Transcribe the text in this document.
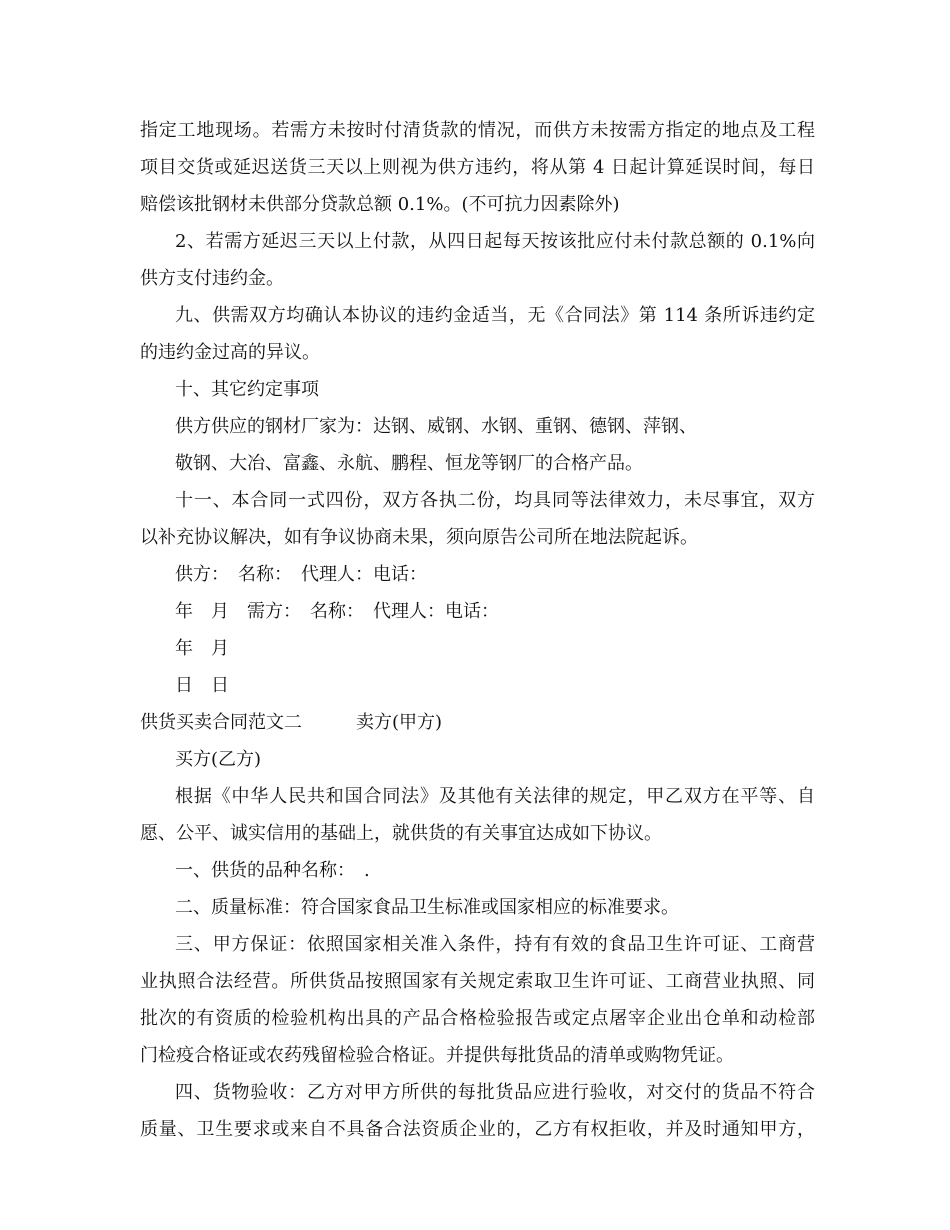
指定工地现场。若需方未按时付清货款的情况，而供方未按需方指定的地点及工程
项目交货或延迟送货三天以上则视为供方违约，将从第 4 日起计算延误时间，每日
赔偿该批钢材未供部分贷款总额 0.1%。(不可抗力因素除外)
2、若需方延迟三天以上付款，从四日起每天按该批应付未付款总额的 0.1%向
供方支付违约金。
九、供需双方均确认本协议的违约金适当，无《合同法》第 114 条所诉违约定
的违约金过高的异议。
十、其它约定事项
供方供应的钢材厂家为：达钢、威钢、水钢、重钢、德钢、萍钢、
敬钢、大冶、富鑫、永航、鹏程、恒龙等钢厂的合格产品。
十一、本合同一式四份，双方各执二份，均具同等法律效力，未尽事宜，双方
以补充协议解决，如有争议协商未果，须向原告公司所在地法院起诉。
供方：　名称：　代理人：电话：
年　月　需方：　名称：　代理人：电话：
年　月
日　日
供货买卖合同范文二　　　卖方(甲方)
买方(乙方)
根据《中华人民共和国合同法》及其他有关法律的规定，甲乙双方在平等、自
愿、公平、诚实信用的基础上，就供货的有关事宜达成如下协议。
一、供货的品种名称：　.
二、质量标准：符合国家食品卫生标准或国家相应的标准要求。
三、甲方保证：依照国家相关准入条件，持有有效的食品卫生许可证、工商营
业执照合法经营。所供货品按照国家有关规定索取卫生许可证、工商营业执照、同
批次的有资质的检验机构出具的产品合格检验报告或定点屠宰企业出仓单和动检部
门检疫合格证或农药残留检验合格证。并提供每批货品的清单或购物凭证。
四、货物验收：乙方对甲方所供的每批货品应进行验收，对交付的货品不符合
质量、卫生要求或来自不具备合法资质企业的，乙方有权拒收，并及时通知甲方，
